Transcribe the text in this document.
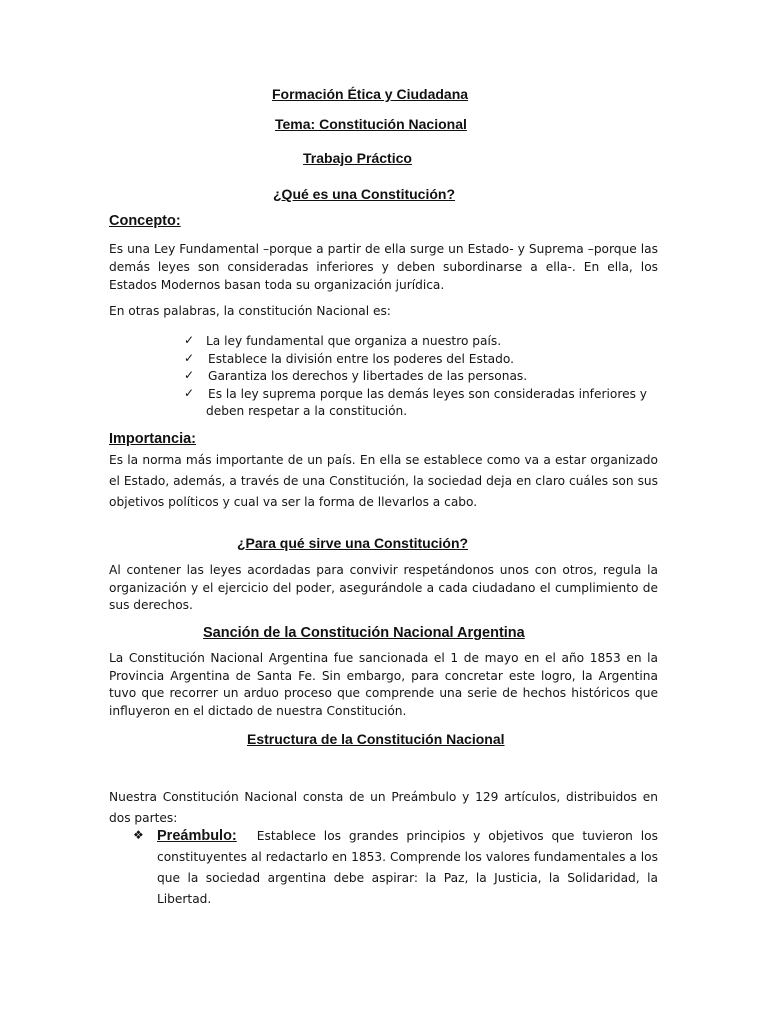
Formación Ética y Ciudadana
Tema: Constitución Nacional
Trabajo Práctico
¿Qué es una Constitución?
Concepto:
Es una Ley Fundamental –porque a partir de ella surge un Estado- y Suprema –porque las demás leyes son consideradas inferiores y deben subordinarse a ella-. En ella, los Estados Modernos basan toda su organización jurídica.
En otras palabras, la constitución Nacional es:
✓ La ley fundamental que organiza a nuestro país.
✓	Establece la división entre los poderes del Estado.
✓	Garantiza los derechos y libertades de las personas.
✓	Es la ley suprema porque las demás leyes son consideradas inferiores y deben respetar a la constitución.
Importancia:
Es la norma más importante de un país. En ella se establece como va a estar organizado el Estado, además, a través de una Constitución, la sociedad deja en claro cuáles son sus objetivos políticos y cual va ser la forma de llevarlos a cabo.
¿Para qué sirve una Constitución?
Al contener las leyes acordadas para convivir respetándonos unos con otros, regula la organización y el ejercicio del poder, asegurándole a cada ciudadano el cumplimiento de sus derechos.
Sanción de la Constitución Nacional Argentina
La Constitución Nacional Argentina fue sancionada el 1 de mayo en el año 1853 en la Provincia Argentina de Santa Fe. Sin embargo, para concretar este logro, la Argentina tuvo que recorrer un arduo proceso que comprende una serie de hechos históricos que influyeron en el dictado de nuestra Constitución.
Estructura de la Constitución Nacional
Nuestra Constitución Nacional consta de un Preámbulo y 129 artículos, distribuidos en dos partes:
❖ Preámbulo: Establece los grandes principios y objetivos que tuvieron los constituyentes al redactarlo en 1853. Comprende los valores fundamentales a los que la sociedad argentina debe aspirar: la Paz, la Justicia, la Solidaridad, la Libertad.
